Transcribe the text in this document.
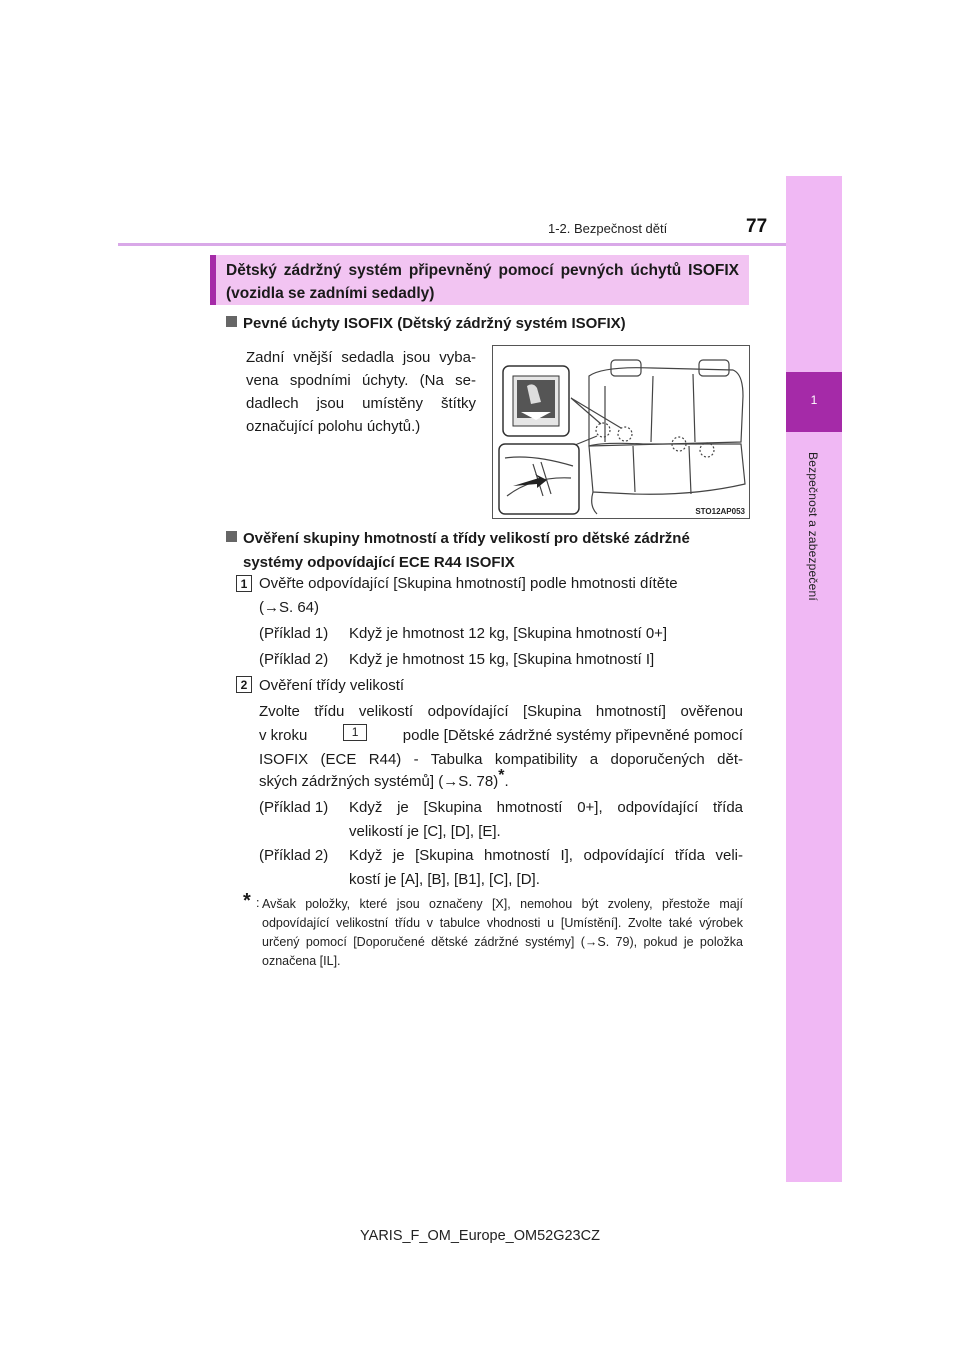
1-2. Bezpečnost dětí	77
1
Bezpečnost a zabezpečení
Dětský zádržný systém připevněný pomocí pevných úchytů ISOFIX (vozidla se zadními sedadly)
Pevné úchyty ISOFIX (Dětský zádržný systém ISOFIX)
Zadní vnější sedadla jsou vybavena spodními úchyty. (Na sedadlech jsou umístěny štítky označující polohu úchytů.)
STO12AP053
Ověření skupiny hmotností a třídy velikostí pro dětské zádržné
systémy odpovídající ECE R44 ISOFIX
1 Ověřte odpovídající [Skupina hmotností] podle hmotnosti dítěte
(→S. 64)
(Příklad 1) Když je hmotnost 12 kg, [Skupina hmotností 0+]
(Příklad 2) Když je hmotnost 15 kg, [Skupina hmotností I]
2 Ověření třídy velikostí
Zvolte třídu velikostí odpovídající [Skupina hmotností] ověřenou
v kroku	1	podle [Dětské zádržné systémy připevněné pomocí
ISOFIX (ECE R44) - Tabulka kompatibility a doporučených dět-
ských zádržných systémů] (→S. 78)*.
(Příklad 1) Když je [Skupina hmotností 0+], odpovídající třída
velikostí je [C], [D], [E].
(Příklad 2) Když je [Skupina hmotností I], odpovídající třída veli-
kostí je [A], [B], [B1], [C], [D].
* : Avšak položky, které jsou označeny [X], nemohou být zvoleny, přestože mají odpovídající velikostní třídu v tabulce vhodnosti u [Umístění]. Zvolte také výrobek určený pomocí [Doporučené dětské zádržné systémy] (→S. 79), pokud je položka označena [IL].
YARIS_F_OM_Europe_OM52G23CZ
